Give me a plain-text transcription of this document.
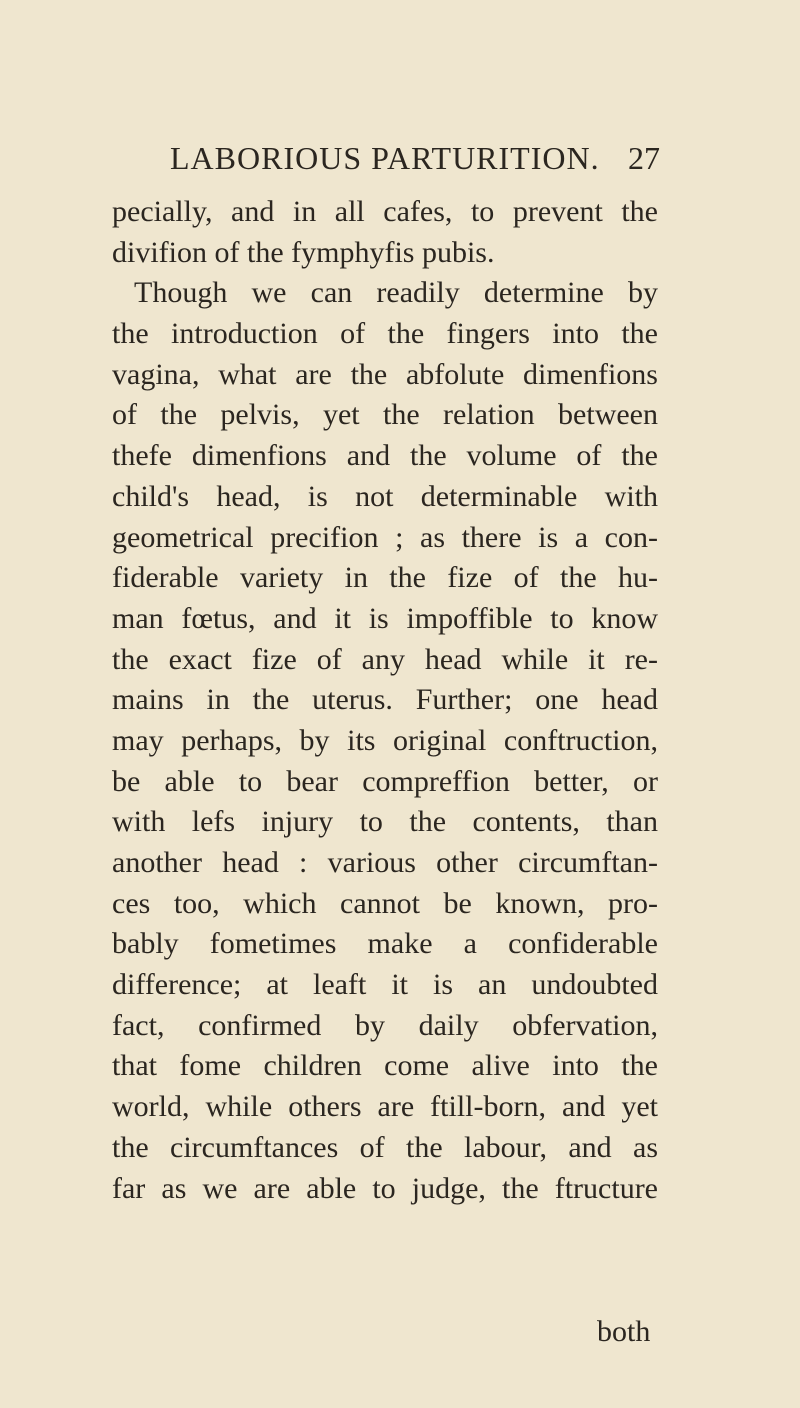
LABORIOUS PARTURITION. 27
pecially, and in all cafes, to prevent the
divifion of the fymphyfis pubis.
Though we can readily determine by
the introduction of the fingers into the
vagina, what are the abfolute dimenfions
of the pelvis, yet the relation between
thefe dimenfions and the volume of the
child's head, is not determinable with
geometrical precifion ; as there is a con-
fiderable variety in the fize of the hu-
man fœtus, and it is impoffible to know
the exact fize of any head while it re-
mains in the uterus. Further; one head
may perhaps, by its original conftruction,
be able to bear compreffion better, or
with lefs injury to the contents, than
another head : various other circumftan-
ces too, which cannot be known, pro-
bably fometimes make a confiderable
difference; at leaft it is an undoubted
fact, confirmed by daily obfervation,
that fome children come alive into the
world, while others are ftill-born, and yet
the circumftances of the labour, and as
far as we are able to judge, the ftructure
both
